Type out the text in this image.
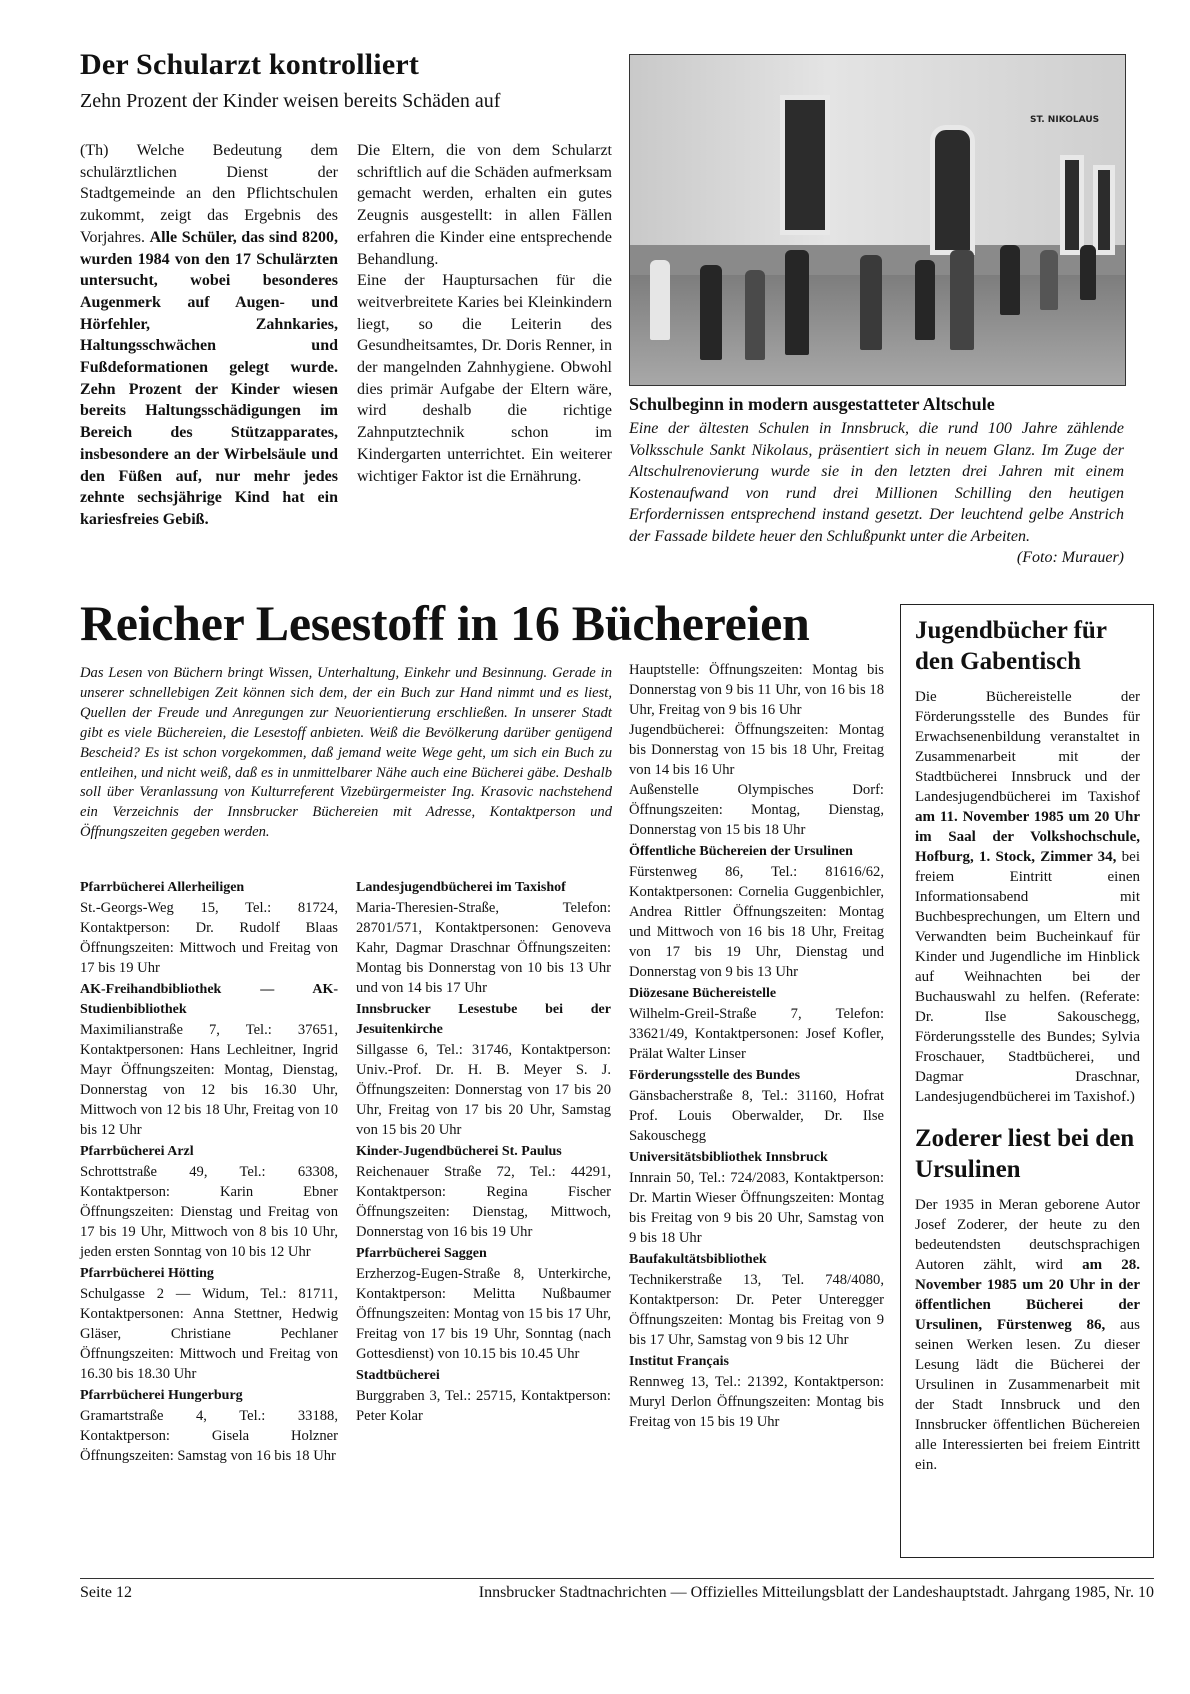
Der Schularzt kontrolliert
Zehn Prozent der Kinder weisen bereits Schäden auf
(Th) Welche Bedeutung dem schulärztlichen Dienst der Stadtgemeinde an den Pflichtschulen zukommt, zeigt das Ergebnis des Vorjahres. Alle Schüler, das sind 8200, wurden 1984 von den 17 Schulärzten untersucht, wobei besonderes Augenmerk auf Augen- und Hörfehler, Zahnkaries, Haltungsschwächen und Fußdeformationen gelegt wurde. Zehn Prozent der Kinder wiesen bereits Haltungsschädigungen im Bereich des Stützapparates, insbesondere an der Wirbelsäule und den Füßen auf, nur mehr jedes zehnte sechsjährige Kind hat ein kariesfreies Gebiß.

Die Eltern, die von dem Schularzt schriftlich auf die Schäden aufmerksam gemacht werden, erhalten ein gutes Zeugnis ausgestellt: in allen Fällen erfahren die Kinder eine entsprechende Behandlung.

Eine der Hauptursachen für die weitverbreitete Karies bei Kleinkindern liegt, so die Leiterin des Gesundheitsamtes, Dr. Doris Renner, in der mangelnden Zahnhygiene. Obwohl dies primär Aufgabe der Eltern wäre, wird deshalb die richtige Zahnputztechnik schon im Kindergarten unterrichtet. Ein weiterer wichtiger Faktor ist die Ernährung.

ST. NIKOLAUS
Schulbeginn in modern ausgestatteter Altschule
Eine der ältesten Schulen in Innsbruck, die rund 100 Jahre zählende Volksschule Sankt Nikolaus, präsentiert sich in neuem Glanz. Im Zuge der Altschulrenovierung wurde sie in den letzten drei Jahren mit einem Kostenaufwand von rund drei Millionen Schilling den heutigen Erfordernissen entsprechend instand gesetzt. Der leuchtend gelbe Anstrich der Fassade bildete heuer den Schlußpunkt unter die Arbeiten.
(Foto: Murauer)
Reicher Lesestoff in 16 Büchereien
Das Lesen von Büchern bringt Wissen, Unterhaltung, Einkehr und Besinnung. Gerade in unserer schnellebigen Zeit können sich dem, der ein Buch zur Hand nimmt und es liest, Quellen der Freude und Anregungen zur Neuorientierung erschließen. In unserer Stadt gibt es viele Büchereien, die Lesestoff anbieten. Weiß die Bevölkerung darüber genügend Bescheid? Es ist schon vorgekommen, daß jemand weite Wege geht, um sich ein Buch zu entleihen, und nicht weiß, daß es in unmittelbarer Nähe auch eine Bücherei gäbe. Deshalb soll über Veranlassung von Kulturreferent Vizebürgermeister Ing. Krasovic nachstehend ein Verzeichnis der Innsbrucker Büchereien mit Adresse, Kontaktperson und Öffnungszeiten gegeben werden.
Pfarrbücherei Allerheiligen
St.-Georgs-Weg 15, Tel.: 81724, Kontaktperson: Dr. Rudolf Blaas Öffnungszeiten: Mittwoch und Freitag von 17 bis 19 Uhr
AK-Freihandbibliothek — AK-Studienbibliothek
Maximilianstraße 7, Tel.: 37651, Kontaktpersonen: Hans Lechleitner, Ingrid Mayr Öffnungszeiten: Montag, Dienstag, Donnerstag von 12 bis 16.30 Uhr, Mittwoch von 12 bis 18 Uhr, Freitag von 10 bis 12 Uhr
Pfarrbücherei Arzl
Schrottstraße 49, Tel.: 63308, Kontaktperson: Karin Ebner Öffnungszeiten: Dienstag und Freitag von 17 bis 19 Uhr, Mittwoch von 8 bis 10 Uhr, jeden ersten Sonntag von 10 bis 12 Uhr
Pfarrbücherei Hötting
Schulgasse 2 — Widum, Tel.: 81711, Kontaktpersonen: Anna Stettner, Hedwig Gläser, Christiane Pechlaner Öffnungszeiten: Mittwoch und Freitag von 16.30 bis 18.30 Uhr
Pfarrbücherei Hungerburg
Gramartstraße 4, Tel.: 33188, Kontaktperson: Gisela Holzner Öffnungszeiten: Samstag von 16 bis 18 Uhr
Landesjugendbücherei im Taxishof
Maria-Theresien-Straße, Telefon: 28701/571, Kontaktpersonen: Genoveva Kahr, Dagmar Draschnar Öffnungszeiten: Montag bis Donnerstag von 10 bis 13 Uhr und von 14 bis 17 Uhr
Innsbrucker Lesestube bei der Jesuitenkirche
Sillgasse 6, Tel.: 31746, Kontaktperson: Univ.-Prof. Dr. H. B. Meyer S. J. Öffnungszeiten: Donnerstag von 17 bis 20 Uhr, Freitag von 17 bis 20 Uhr, Samstag von 15 bis 20 Uhr
Kinder-Jugendbücherei St. Paulus
Reichenauer Straße 72, Tel.: 44291, Kontaktperson: Regina Fischer Öffnungszeiten: Dienstag, Mittwoch, Donnerstag von 16 bis 19 Uhr
Pfarrbücherei Saggen
Erzherzog-Eugen-Straße 8, Unterkirche, Kontaktperson: Melitta Nußbaumer Öffnungszeiten: Montag von 15 bis 17 Uhr, Freitag von 17 bis 19 Uhr, Sonntag (nach Gottesdienst) von 10.15 bis 10.45 Uhr
Stadtbücherei
Burggraben 3, Tel.: 25715, Kontaktperson: Peter Kolar
Hauptstelle: Öffnungszeiten: Montag bis Donnerstag von 9 bis 11 Uhr, von 16 bis 18 Uhr, Freitag von 9 bis 16 Uhr
Jugendbücherei: Öffnungszeiten: Montag bis Donnerstag von 15 bis 18 Uhr, Freitag von 14 bis 16 Uhr
Außenstelle Olympisches Dorf: Öffnungszeiten: Montag, Dienstag, Donnerstag von 15 bis 18 Uhr
Öffentliche Büchereien der Ursulinen
Fürstenweg 86, Tel.: 81616/62, Kontaktpersonen: Cornelia Guggenbichler, Andrea Rittler Öffnungszeiten: Montag und Mittwoch von 16 bis 18 Uhr, Freitag von 17 bis 19 Uhr, Dienstag und Donnerstag von 9 bis 13 Uhr
Diözesane Büchereistelle
Wilhelm-Greil-Straße 7, Telefon: 33621/49, Kontaktpersonen: Josef Kofler, Prälat Walter Linser
Förderungsstelle des Bundes
Gänsbacherstraße 8, Tel.: 31160, Hofrat Prof. Louis Oberwalder, Dr. Ilse Sakouschegg
Universitätsbibliothek Innsbruck
Innrain 50, Tel.: 724/2083, Kontaktperson: Dr. Martin Wieser Öffnungszeiten: Montag bis Freitag von 9 bis 20 Uhr, Samstag von 9 bis 18 Uhr
Baufakultätsbibliothek
Technikerstraße 13, Tel. 748/4080, Kontaktperson: Dr. Peter Unteregger Öffnungszeiten: Montag bis Freitag von 9 bis 17 Uhr, Samstag von 9 bis 12 Uhr
Institut Français
Rennweg 13, Tel.: 21392, Kontaktperson: Muryl Derlon Öffnungszeiten: Montag bis Freitag von 15 bis 19 Uhr
Jugendbücher für den Gabentisch
Die Büchereistelle der Förderungsstelle des Bundes für Erwachsenenbildung veranstaltet in Zusammenarbeit mit der Stadtbücherei Innsbruck und der Landesjugendbücherei im Taxishof am 11. November 1985 um 20 Uhr im Saal der Volkshochschule, Hofburg, 1. Stock, Zimmer 34, bei freiem Eintritt einen Informationsabend mit Buchbesprechungen, um Eltern und Verwandten beim Bucheinkauf für Kinder und Jugendliche im Hinblick auf Weihnachten bei der Buchauswahl zu helfen. (Referate: Dr. Ilse Sakouschegg, Förderungsstelle des Bundes; Sylvia Froschauer, Stadtbücherei, und Dagmar Draschnar, Landesjugendbücherei im Taxishof.)
Zoderer liest bei den Ursulinen
Der 1935 in Meran geborene Autor Josef Zoderer, der heute zu den bedeutendsten deutschsprachigen Autoren zählt, wird am 28. November 1985 um 20 Uhr in der öffentlichen Bücherei der Ursulinen, Fürstenweg 86, aus seinen Werken lesen. Zu dieser Lesung lädt die Bücherei der Ursulinen in Zusammenarbeit mit der Stadt Innsbruck und den Innsbrucker öffentlichen Büchereien alle Interessierten bei freiem Eintritt ein.
Seite 12	Innsbrucker Stadtnachrichten — Offizielles Mitteilungsblatt der Landeshauptstadt. Jahrgang 1985, Nr. 10
